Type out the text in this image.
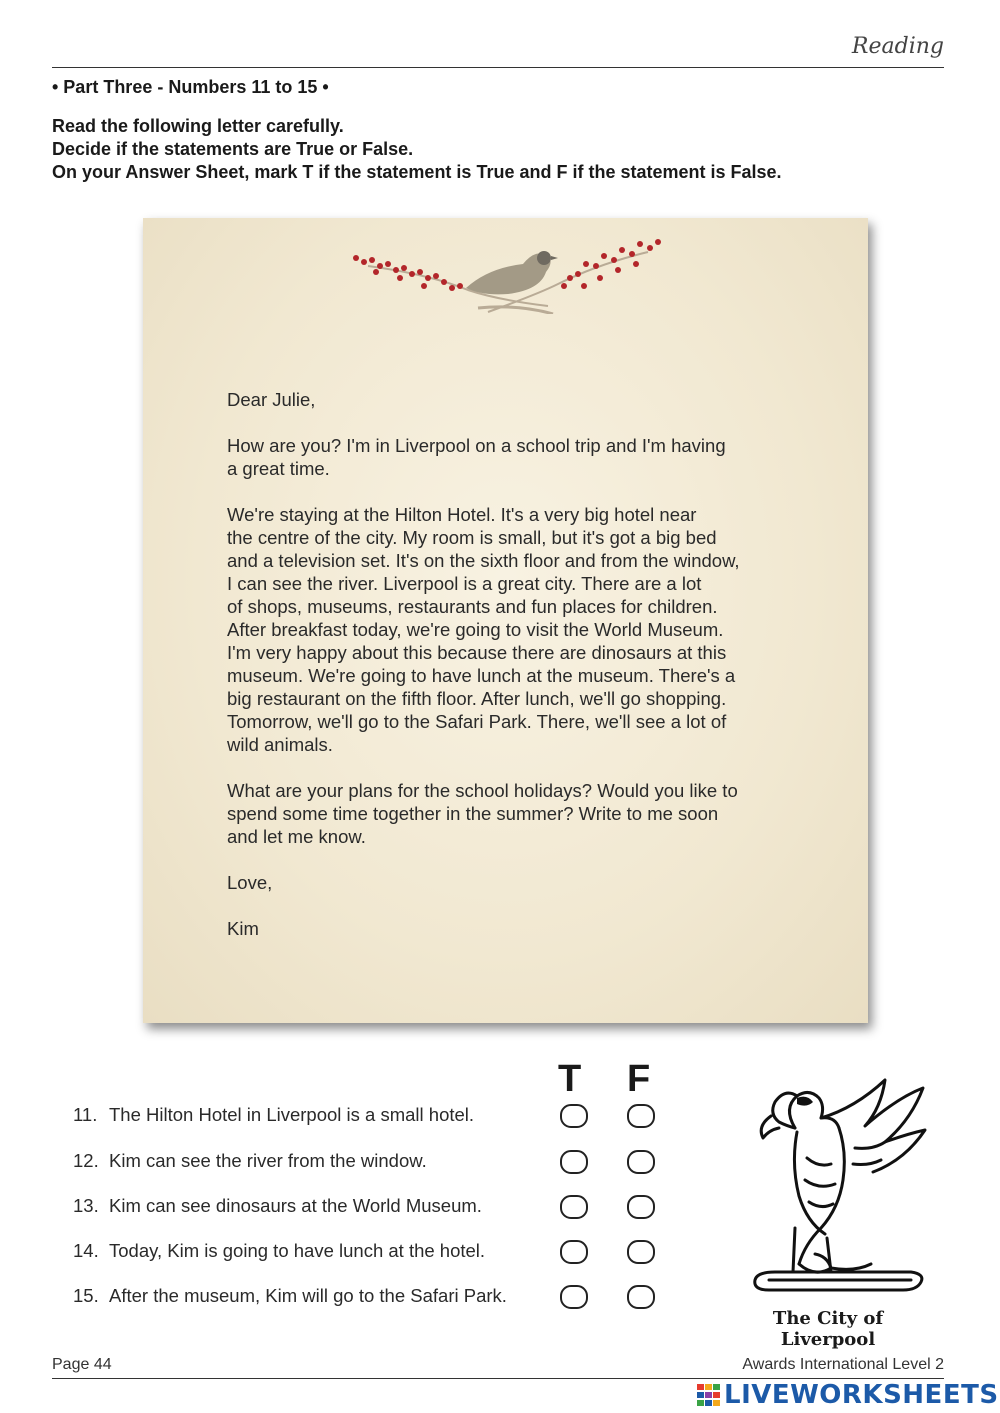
Reading
• Part Three - Numbers 11 to 15 •
Read the following letter carefully.
Decide if the statements are True or False.
On your Answer Sheet, mark T if the statement is True and F if the statement is False.

Dear Julie,

How are you? I'm in Liverpool on a school trip and I'm having
a great time.

We're staying at the Hilton Hotel. It's a very big hotel near
the centre of the city. My room is small, but it's got a big bed
and a television set. It's on the sixth floor and from the window,
I can see the river. Liverpool is a great city. There are a lot
of shops, museums, restaurants and fun places for children.
After breakfast today, we're going to visit the World Museum.
I'm very happy about this because there are dinosaurs at this
museum. We're going to have lunch at the museum. There's a
big restaurant on the fifth floor. After lunch, we'll go shopping.
Tomorrow, we'll go to the Safari Park. There, we'll see a lot of
wild animals.

What are your plans for the school holidays? Would you like to
spend some time together in the summer? Write to me soon
and let me know.

Love,

Kim

T F
11. The Hilton Hotel in Liverpool is a small hotel.
12. Kim can see the river from the window.
13. Kim can see dinosaurs at the World Museum.
14. Today, Kim is going to have lunch at the hotel.
15. After the museum, Kim will go to the Safari Park.
The City of Liverpool
Page 44	Awards International Level 2
LIVEWORKSHEETS
